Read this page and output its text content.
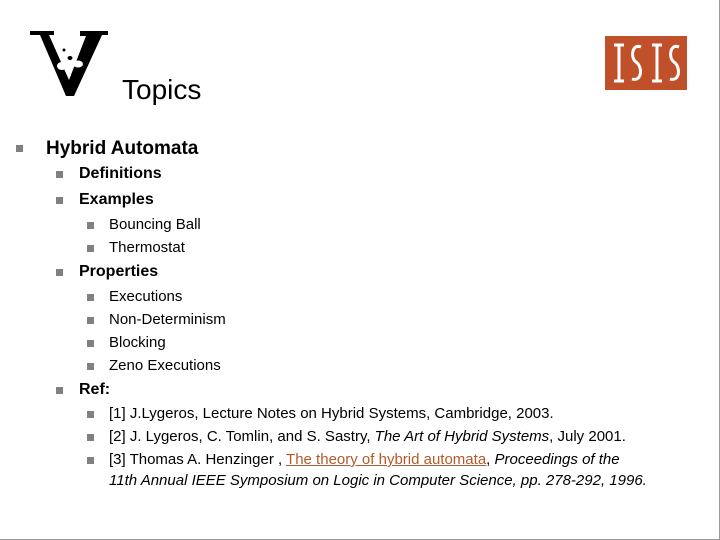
Topics
Hybrid Automata
Definitions
Examples
Bouncing Ball
Thermostat
Properties
Executions
Non-Determinism
Blocking
Zeno Executions
Ref:
[1] J.Lygeros, Lecture Notes on Hybrid Systems, Cambridge, 2003.
[2] J. Lygeros, C. Tomlin, and S. Sastry, The Art of Hybrid Systems, July 2001.
[3] Thomas A. Henzinger , The theory of hybrid automata, Proceedings of the
11th Annual IEEE Symposium on Logic in Computer Science, pp. 278-292, 1996.
